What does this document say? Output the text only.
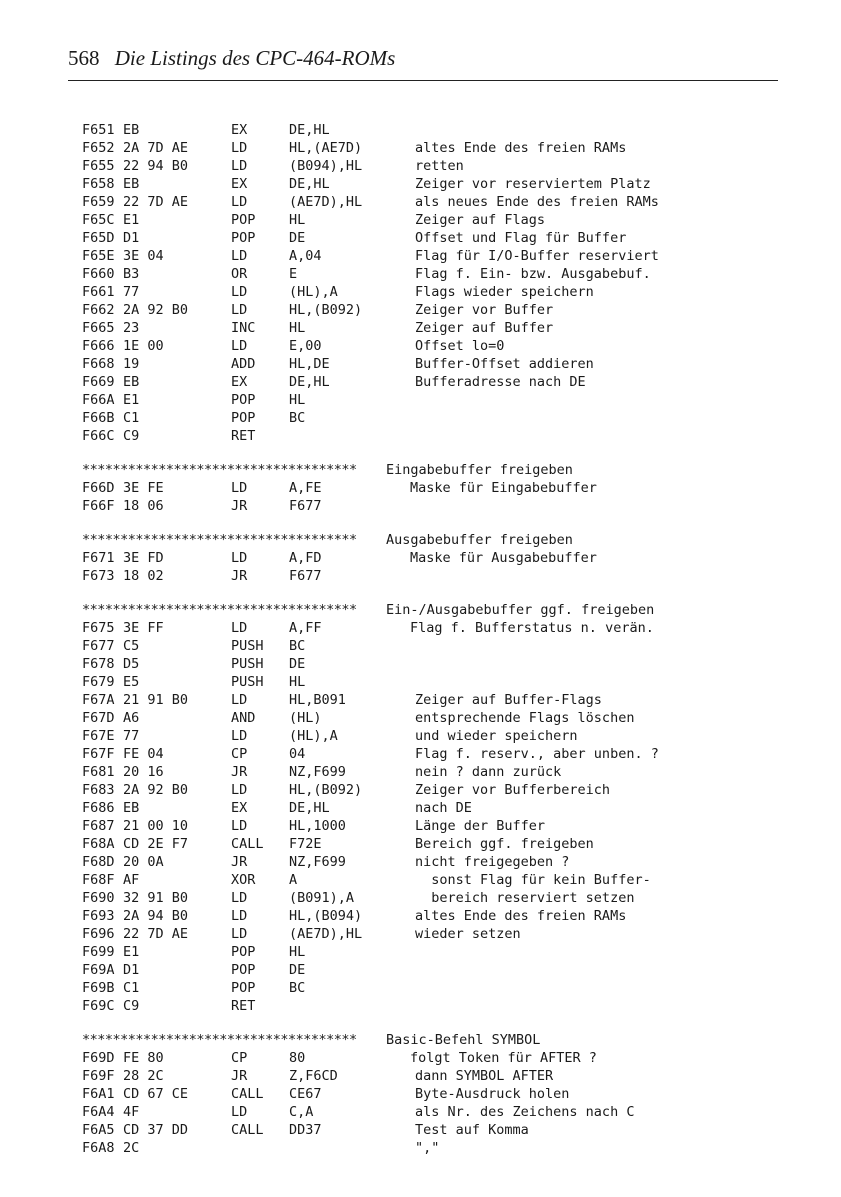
568 Die Listings des CPC-464-ROMs
F651 EB	EX	DE,HL
F652 2A 7D AE	LD	HL,(AE7D)	altes Ende des freien RAMs
F655 22 94 B0	LD	(B094),HL	retten
F658 EB	EX	DE,HL	Zeiger vor reserviertem Platz
F659 22 7D AE	LD	(AE7D),HL	als neues Ende des freien RAMs
F65C E1	POP HL	Zeiger auf Flags
F65D D1	POP DE	Offset und Flag für Buffer
F65E 3E 04	LD	A,04	Flag für I/O-Buffer reserviert
F660 B3	OR	E	Flag f. Ein- bzw. Ausgabebuf.
F661 77	LD	(HL),A	Flags wieder speichern
F662 2A 92 B0	LD	HL,(B092)	Zeiger vor Buffer
F665 23	INC HL	Zeiger auf Buffer
F666 1E 00	LD	E,00	Offset lo=0
F668 19	ADD HL,DE	Buffer-Offset addieren
F669 EB	EX	DE,HL	Bufferadresse nach DE
F66A E1	POP HL
F66B C1	POP BC
F66C C9	RET
************************************ Eingabebuffer freigeben
F66D 3E FE	LD	A,FE	Maske für Eingabebuffer
F66F 18 06	JR	F677
************************************ Ausgabebuffer freigeben
F671 3E FD	LD	A,FD	Maske für Ausgabebuffer
F673 18 02	JR	F677
************************************ Ein-/Ausgabebuffer ggf. freigeben
F675 3E FF	LD	A,FF	Flag f. Bufferstatus n. verän.
F677 C5	PUSH BC
F678 D5	PUSH DE
F679 E5	PUSH HL
F67A 21 91 B0	LD	HL,B091	Zeiger auf Buffer-Flags
F67D A6	AND (HL)	entsprechende Flags löschen
F67E 77	LD	(HL),A	und wieder speichern
F67F FE 04	CP	04	Flag f. reserv., aber unben. ?
F681 20 16	JR	NZ,F699	nein ? dann zurück
F683 2A 92 B0	LD	HL,(B092)	Zeiger vor Bufferbereich
F686 EB	EX	DE,HL	nach DE
F687 21 00 10	LD	HL,1000	Länge der Buffer
F68A CD 2E F7	CALL F72E	Bereich ggf. freigeben
F68D 20 0A	JR	NZ,F699	nicht freigegeben ?
F68F AF	XOR A	sonst Flag für kein Buffer-
F690 32 91 B0	LD	(B091),A	bereich reserviert setzen
F693 2A 94 B0	LD	HL,(B094)	altes Ende des freien RAMs
F696 22 7D AE	LD	(AE7D),HL	wieder setzen
F699 E1	POP HL
F69A D1	POP DE
F69B C1	POP BC
F69C C9	RET
************************************ Basic-Befehl SYMBOL
F69D FE 80	CP	80	folgt Token für AFTER ?
F69F 28 2C	JR	Z,F6CD	dann SYMBOL AFTER
F6A1 CD 67 CE	CALL CE67	Byte-Ausdruck holen
F6A4 4F	LD	C,A	als Nr. des Zeichens nach C
F6A5 CD 37 DD	CALL DD37	Test auf Komma
F6A8 2C	","
